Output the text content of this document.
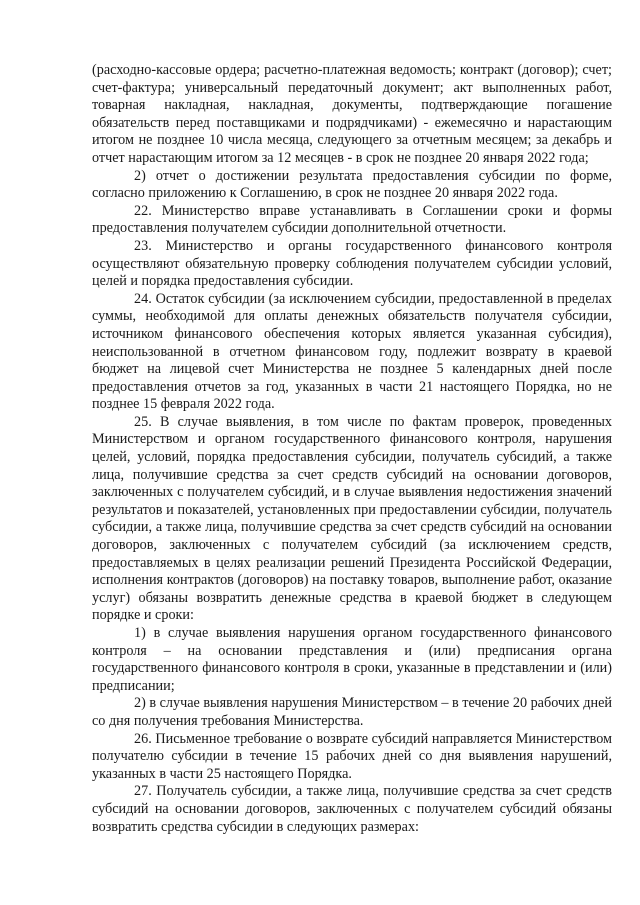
(расходно-кассовые ордера; расчетно-платежная ведомость; контракт (договор); счет; счет-фактура; универсальный передаточный документ; акт выполненных работ, товарная накладная, накладная, документы, подтверждающие погашение обязательств перед поставщиками и подрядчиками) - ежемесячно и нарастающим итогом не позднее 10 числа месяца, следующего за отчетным месяцем; за декабрь и отчет нарастающим итогом за 12 месяцев - в срок не позднее 20 января 2022 года;

2) отчет о достижении результата предоставления субсидии по форме, согласно приложению к Соглашению, в срок не позднее 20 января 2022 года.

22. Министерство вправе устанавливать в Соглашении сроки и формы предоставления получателем субсидии дополнительной отчетности.

23. Министерство и органы государственного финансового контроля осуществляют обязательную проверку соблюдения получателем субсидии условий, целей и порядка предоставления субсидии.

24. Остаток субсидии (за исключением субсидии, предоставленной в пределах суммы, необходимой для оплаты денежных обязательств получателя субсидии, источником финансового обеспечения которых является указанная субсидия), неиспользованной в отчетном финансовом году, подлежит возврату в краевой бюджет на лицевой счет Министерства не позднее 5 календарных дней после предоставления отчетов за год, указанных в части 21 настоящего Порядка, но не позднее 15 февраля 2022 года.

25. В случае выявления, в том числе по фактам проверок, проведенных Министерством и органом государственного финансового контроля, нарушения целей, условий, порядка предоставления субсидии, получатель субсидий, а также лица, получившие средства за счет средств субсидий на основании договоров, заключенных с получателем субсидий, и в случае выявления недостижения значений результатов и показателей, установленных при предоставлении субсидии, получатель субсидии, а также лица, получившие средства за счет средств субсидий на основании договоров, заключенных с получателем субсидий (за исключением средств, предоставляемых в целях реализации решений Президента Российской Федерации, исполнения контрактов (договоров) на поставку товаров, выполнение работ, оказание услуг) обязаны возвратить денежные средства в краевой бюджет в следующем порядке и сроки:

1) в случае выявления нарушения органом государственного финансового контроля – на основании представления и (или) предписания органа государственного финансового контроля в сроки, указанные в представлении и (или) предписании;

2) в случае выявления нарушения Министерством – в течение 20 рабочих дней со дня получения требования Министерства.

26. Письменное требование о возврате субсидий направляется Министерством получателю субсидии в течение 15 рабочих дней со дня выявления нарушений, указанных в части 25 настоящего Порядка.

27. Получатель субсидии, а также лица, получившие средства за счет средств субсидий на основании договоров, заключенных с получателем субсидий обязаны возвратить средства субсидии в следующих размерах:
